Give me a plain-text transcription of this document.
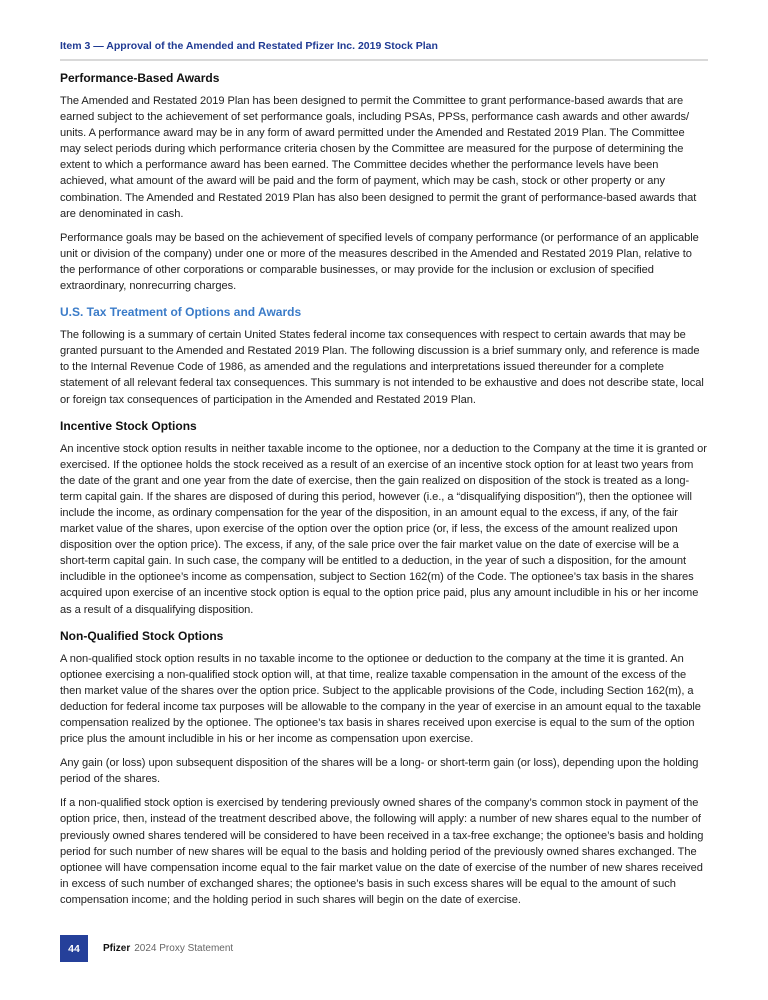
Item 3 — Approval of the Amended and Restated Pfizer Inc. 2019 Stock Plan
Performance-Based Awards

The Amended and Restated 2019 Plan has been designed to permit the Committee to grant performance-based awards that are earned subject to the achievement of set performance goals, including PSAs, PPSs, performance cash awards and other awards/ units. A performance award may be in any form of award permitted under the Amended and Restated 2019 Plan. The Committee may select periods during which performance criteria chosen by the Committee are measured for the purpose of determining the extent to which a performance award has been earned. The Committee decides whether the performance levels have been achieved, what amount of the award will be paid and the form of payment, which may be cash, stock or other property or any combination. The Amended and Restated 2019 Plan has also been designed to permit the grant of performance-based awards that are denominated in cash.

Performance goals may be based on the achievement of specified levels of company performance (or performance of an applicable unit or division of the company) under one or more of the measures described in the Amended and Restated 2019 Plan, relative to the performance of other corporations or comparable businesses, or may provide for the inclusion or exclusion of specified extraordinary, nonrecurring charges.

U.S. Tax Treatment of Options and Awards

The following is a summary of certain United States federal income tax consequences with respect to certain awards that may be granted pursuant to the Amended and Restated 2019 Plan. The following discussion is a brief summary only, and reference is made to the Internal Revenue Code of 1986, as amended and the regulations and interpretations issued thereunder for a complete statement of all relevant federal tax consequences. This summary is not intended to be exhaustive and does not describe state, local or foreign tax consequences of participation in the Amended and Restated 2019 Plan.

Incentive Stock Options

An incentive stock option results in neither taxable income to the optionee, nor a deduction to the Company at the time it is granted or exercised. If the optionee holds the stock received as a result of an exercise of an incentive stock option for at least two years from the date of the grant and one year from the date of exercise, then the gain realized on disposition of the stock is treated as a long-term capital gain. If the shares are disposed of during this period, however (i.e., a “disqualifying disposition”), then the optionee will include the income, as ordinary compensation for the year of the disposition, in an amount equal to the excess, if any, of the fair market value of the shares, upon exercise of the option over the option price (or, if less, the excess of the amount realized upon disposition over the option price). The excess, if any, of the sale price over the fair market value on the date of exercise will be a short-term capital gain. In such case, the company will be entitled to a deduction, in the year of such a disposition, for the amount includible in the optionee’s income as compensation, subject to Section 162(m) of the Code. The optionee’s tax basis in the shares acquired upon exercise of an incentive stock option is equal to the option price paid, plus any amount includible in his or her income as a result of a disqualifying disposition.

Non-Qualified Stock Options

A non-qualified stock option results in no taxable income to the optionee or deduction to the company at the time it is granted. An optionee exercising a non-qualified stock option will, at that time, realize taxable compensation in the amount of the excess of the then market value of the shares over the option price. Subject to the applicable provisions of the Code, including Section 162(m), a deduction for federal income tax purposes will be allowable to the company in the year of exercise in an amount equal to the taxable compensation realized by the optionee. The optionee’s tax basis in shares received upon exercise is equal to the sum of the option price plus the amount includible in his or her income as compensation upon exercise.

Any gain (or loss) upon subsequent disposition of the shares will be a long- or short-term gain (or loss), depending upon the holding period of the shares.

If a non-qualified stock option is exercised by tendering previously owned shares of the company’s common stock in payment of the option price, then, instead of the treatment described above, the following will apply: a number of new shares equal to the number of previously owned shares tendered will be considered to have been received in a tax-free exchange; the optionee’s basis and holding period for such number of new shares will be equal to the basis and holding period of the previously owned shares exchanged. The optionee will have compensation income equal to the fair market value on the date of exercise of the number of new shares received in excess of such number of exchanged shares; the optionee’s basis in such excess shares will be equal to the amount of such compensation income; and the holding period in such shares will begin on the date of exercise.

44	Pfizer 2024 Proxy Statement
